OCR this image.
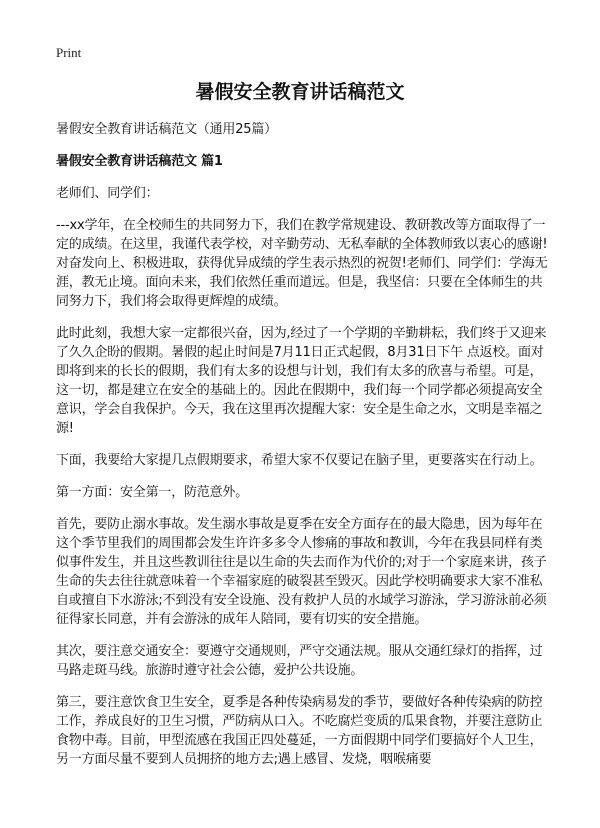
Print
暑假安全教育讲话稿范文

暑假安全教育讲话稿范文（通用25篇）

暑假安全教育讲话稿范文 篇1

老师们、同学们：

---xx学年，在全校师生的共同努力下，我们在教学常规建设、教研教改等方面取得了一定的成绩。在这里，我谨代表学校，对辛勤劳动、无私奉献的全体教师致以衷心的感谢!对奋发向上、积极进取，获得优异成绩的学生表示热烈的祝贺!老师们、同学们：学海无涯，教无止境。面向未来，我们依然任重而道远。但是，我坚信：只要在全体师生的共同努力下，我们将会取得更辉煌的成绩。

此时此刻，我想大家一定都很兴奋，因为,经过了一个学期的辛勤耕耘，我们终于又迎来了久久企盼的假期。暑假的起止时间是7月11日正式起假，8月31日下午 点返校。面对即将到来的长长的假期，我们有太多的设想与计划，我们有太多的欣喜与希望。可是，这一切，都是建立在安全的基础上的。因此在假期中，我们每一个同学都必须提高安全意识，学会自我保护。今天，我在这里再次提醒大家：安全是生命之水，文明是幸福之源!

下面，我要给大家提几点假期要求，希望大家不仅要记在脑子里，更要落实在行动上。

第一方面：安全第一，防范意外。

首先，要防止溺水事故。发生溺水事故是夏季在安全方面存在的最大隐患，因为每年在这个季节里我们的周围都会发生许许多多令人惨痛的事故和教训，今年在我县同样有类似事件发生，并且这些教训往往是以生命的失去而作为代价的;对于一个家庭来讲，孩子生命的失去往往就意味着一个幸福家庭的破裂甚至毁灭。因此学校明确要求大家不准私自或擅自下水游泳;不到没有安全设施、没有救护人员的水域学习游泳，学习游泳前必须征得家长同意，并有会游泳的成年人陪同，要有切实的安全措施。

其次，要注意交通安全：要遵守交通规则，严守交通法规。服从交通红绿灯的指挥，过马路走斑马线。旅游时遵守社会公德，爱护公共设施。

第三，要注意饮食卫生安全，夏季是各种传染病易发的季节，要做好各种传染病的防控工作，养成良好的卫生习惯，严防病从口入。不吃腐烂变质的瓜果食物，并要注意防止食物中毒。目前，甲型流感在我国正四处蔓延，一方面假期中同学们要搞好个人卫生，另一方面尽量不要到人员拥挤的地方去;遇上感冒、发烧，咽喉痛要
